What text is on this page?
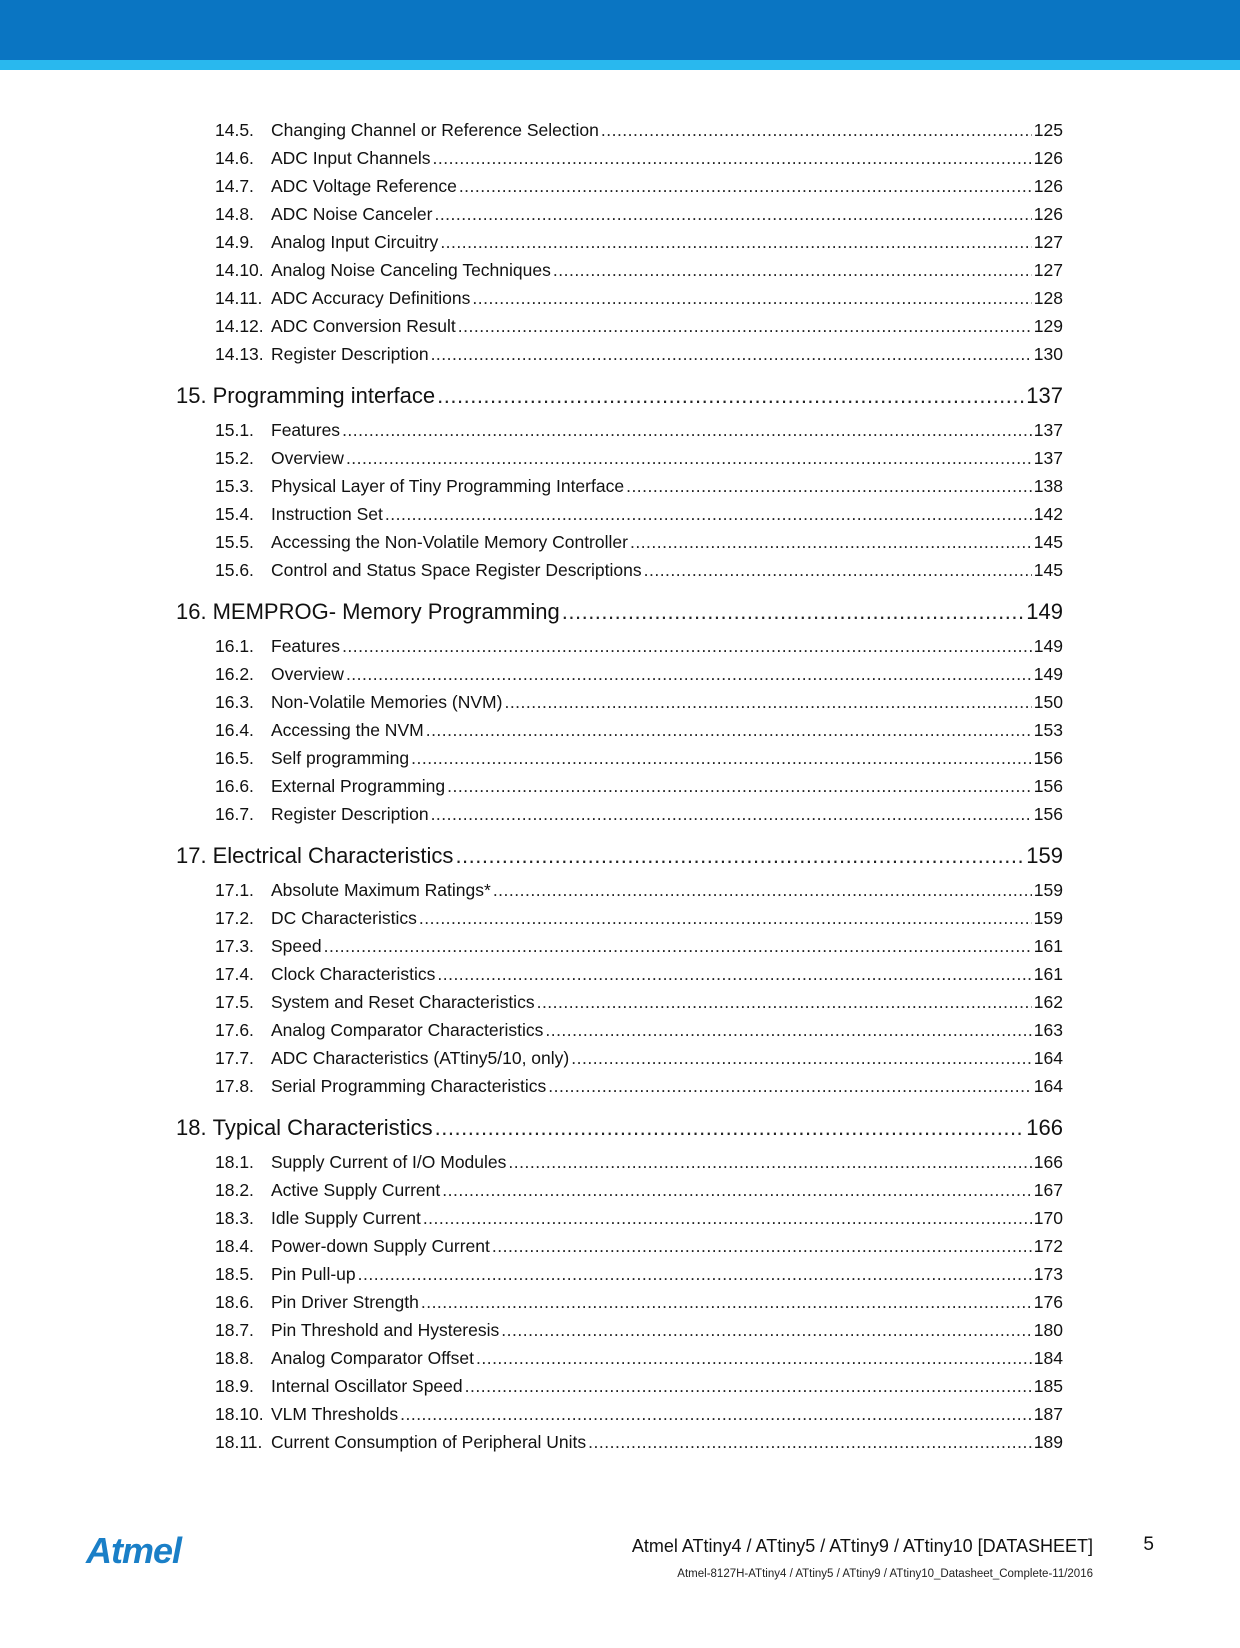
14.5. Changing Channel or Reference Selection .....	125
14.6. ADC Input Channels .....	126
14.7. ADC Voltage Reference .....	126
14.8. ADC Noise Canceler .....	126
14.9. Analog Input Circuitry .....	127
14.10. Analog Noise Canceling Techniques .....	127
14.11. ADC Accuracy Definitions .....	128
14.12. ADC Conversion Result .....	129
14.13. Register Description .....	130
15. Programming interface .....	137
15.1. Features .....	137
15.2. Overview .....	137
15.3. Physical Layer of Tiny Programming Interface .....	138
15.4. Instruction Set .....	142
15.5. Accessing the Non-Volatile Memory Controller .....	145
15.6. Control and Status Space Register Descriptions .....	145
16. MEMPROG- Memory Programming .....	149
16.1. Features .....	149
16.2. Overview .....	149
16.3. Non-Volatile Memories (NVM) .....	150
16.4. Accessing the NVM .....	153
16.5. Self programming .....	156
16.6. External Programming .....	156
16.7. Register Description .....	156
17. Electrical Characteristics .....	159
17.1. Absolute Maximum Ratings* .....	159
17.2. DC Characteristics .....	159
17.3. Speed .....	161
17.4. Clock Characteristics .....	161
17.5. System and Reset Characteristics .....	162
17.6. Analog Comparator Characteristics .....	163
17.7. ADC Characteristics (ATtiny5/10, only) .....	164
17.8. Serial Programming Characteristics .....	164
18. Typical Characteristics .....	166
18.1. Supply Current of I/O Modules .....	166
18.2. Active Supply Current .....	167
18.3. Idle Supply Current .....	170
18.4. Power-down Supply Current .....	172
18.5. Pin Pull-up .....	173
18.6. Pin Driver Strength .....	176
18.7. Pin Threshold and Hysteresis .....	180
18.8. Analog Comparator Offset .....	184
18.9. Internal Oscillator Speed .....	185
18.10. VLM Thresholds .....	187
18.11. Current Consumption of Peripheral Units .....	189
Atmel	Atmel ATtiny4 / ATtiny5 / ATtiny9 / ATtiny10 [DATASHEET]	5
Atmel-8127H-ATtiny4 / ATtiny5 / ATtiny9 / ATtiny10_Datasheet_Complete-11/2016
